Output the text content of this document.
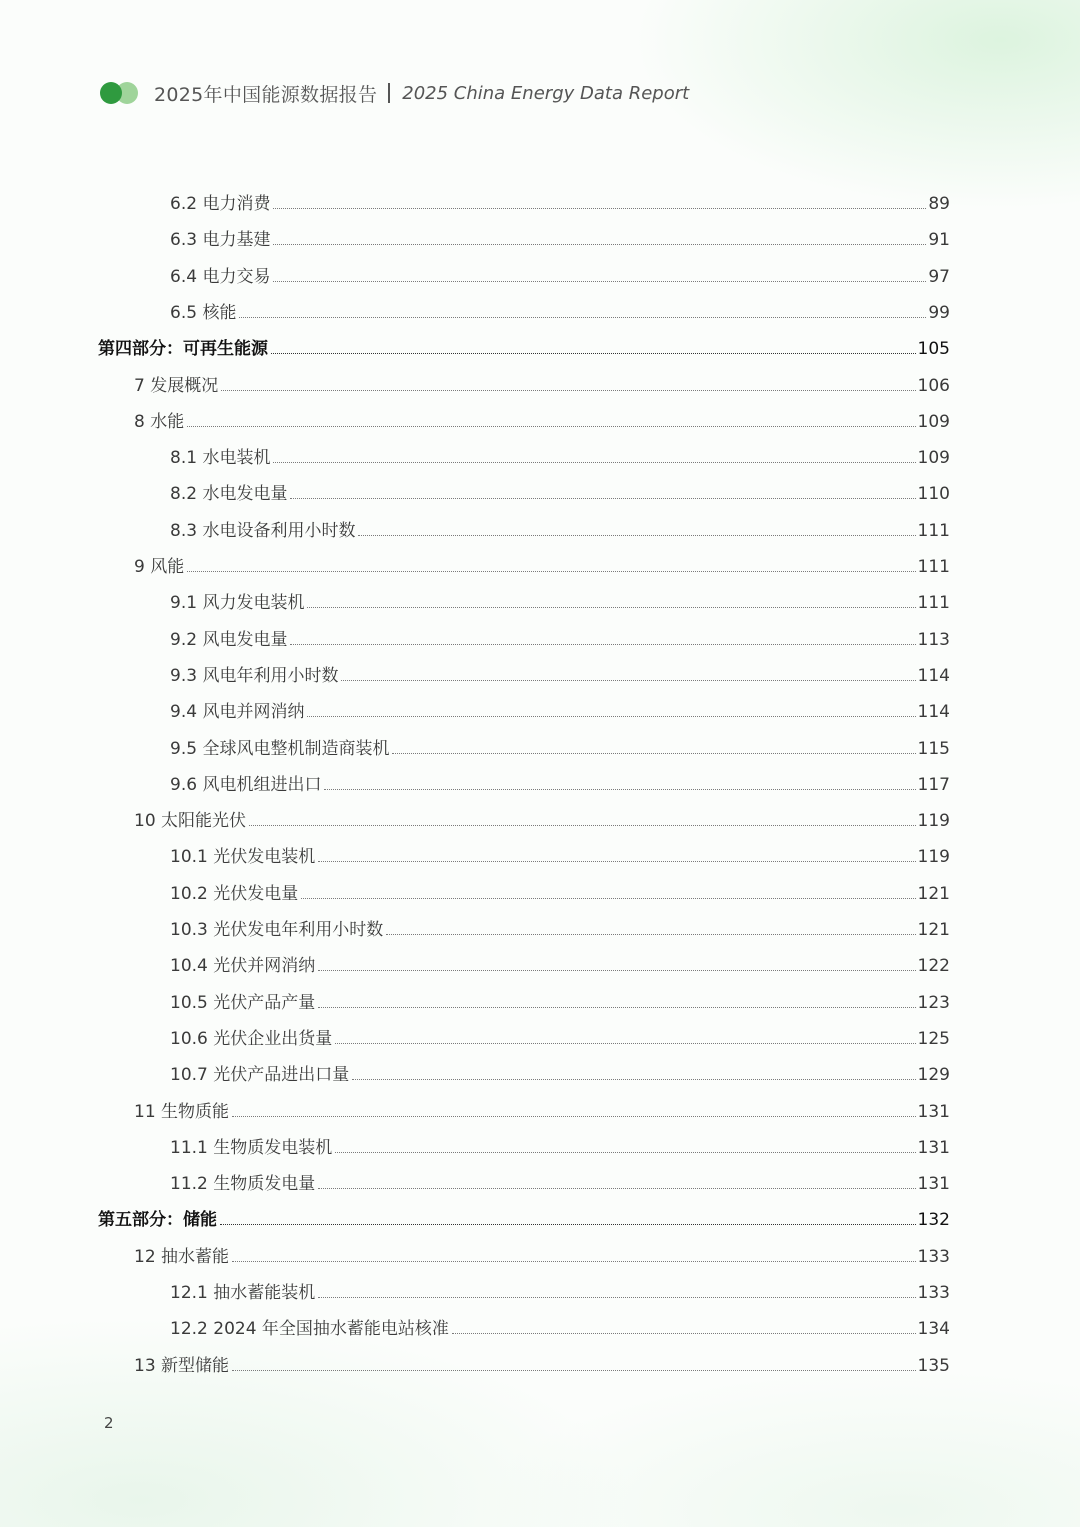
2025年中国能源数据报告 2025 China Energy Data Report
6.2 电力消费	89
6.3 电力基建	91
6.4 电力交易	97
6.5 核能	99
第四部分：可再生能源	105
7 发展概况	106
8 水能	109
8.1 水电装机	109
8.2 水电发电量	110
8.3 水电设备利用小时数	111
9 风能	111
9.1 风力发电装机	111
9.2 风电发电量	113
9.3 风电年利用小时数	114
9.4 风电并网消纳	114
9.5 全球风电整机制造商装机	115
9.6 风电机组进出口	117
10 太阳能光伏	119
10.1 光伏发电装机	119
10.2 光伏发电量	121
10.3 光伏发电年利用小时数	121
10.4 光伏并网消纳	122
10.5 光伏产品产量	123
10.6 光伏企业出货量	125
10.7 光伏产品进出口量	129
11 生物质能	131
11.1 生物质发电装机	131
11.2 生物质发电量	131
第五部分：储能	132
12 抽水蓄能	133
12.1 抽水蓄能装机	133
12.2 2024 年全国抽水蓄能电站核准	134
13 新型储能	135
2
